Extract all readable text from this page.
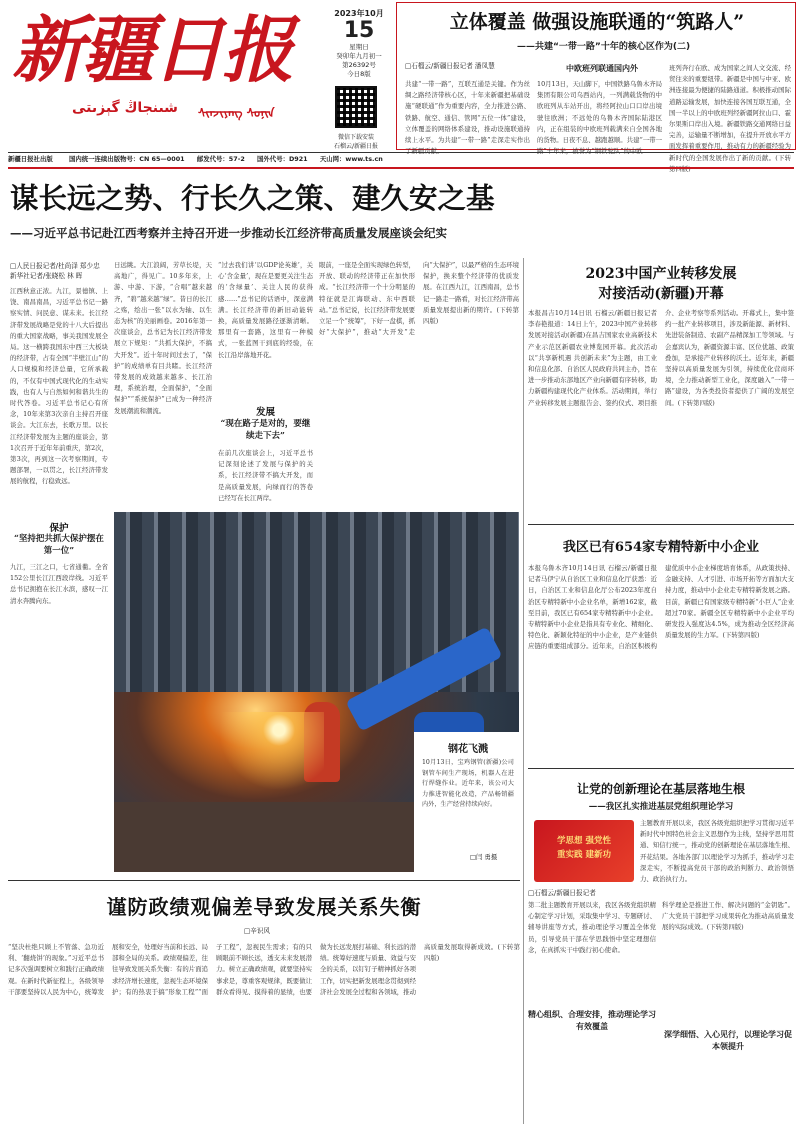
新疆日报
شىنجاڭ گېزىتى ᠱᠢᠨᠵᠢᠶᠠᠩ ᠰᠣᠨᠢᠨ
2023年10月
15
星期日
癸卯年九月初一
第26392号
今日8版
微信下载安装
石榴云/新疆日报
立体覆盖 做强设施联通的“筑路人”
——共建“一带一路”十年的核心区作为(二)
□石榴云/新疆日报记者 潘凤慧	中欧班列联通国内外
共建“一带一路”，互联互通是关键。作为丝绸之路经济带核心区，十年来新疆把基础设施“硬联通”作为重要内容，全力推进公路、铁路、航空、通信、管网“五位一体”建设，立体覆盖的网络体系建设，推动设施联通持续上水平。为共建“一带一路”走深走实作出
10月13日，天山脚下，中国铁路乌鲁木齐局集团有限公司乌西站内，一列满载货物的中欧班列从车站开出，将经阿拉山口口岸出境驶往欧洲；不远处的乌鲁木齐国际陆港区内，正在组装的中欧班列载满来自全国各地的货物。日夜不息、越跑越顺。共建“一带一
班列奔行在欧、成为国家之间人文交流、经贸往来的重要纽带。新疆是中国与中亚、欧洲连接最为便捷的陆路通道。积极推动国际道路运输发展，加快连接各国互联互通，全国一半以上的中欧班列经新疆阿拉山口、霍尔果斯口岸出入境。新疆铁路交通网络日益完善，运输量不断增加，在提升开放水平方面发挥着重要作用，推动有力的新疆经验为新时代的全国发展作出了新的贡献。(下转
新疆日报社出版	国内统一连续出版物号：CN 65—0001 邮发代号：57-2 国外代号：D921 天山网：www.ts.cn
谋长远之势、行长久之策、建久安之基
——习近平总书记赴江西考察并主持召开进一步推动长江经济带高质量发展座谈会纪实
□人民日报记者/杜尚泽 郑少忠
新华社记者/张晓松 林 晖
江西秋意正浓。九江，景德镇、上饶、南昌南昌，习近平总书记一路察实情、问民意、谋未来。长江经济带发展战略是党的十八大后提出的重大国家战略，事关我国发展全局。这一横跨我国东中西三大板块的经济带，占有全国“半壁江山”的人口规模和经济总量，它所承载的，不仅有中国式现代化的生动实践，也有人与自然如何和谐共生的时代答卷。习近平总书记心有所念，10年来第3次亲自主持召开座谈会。大江东去，长歌万里。以长江经济带发展为主题的座谈会，第1次召开于近年年前重庆，第2次，第3次，再到这一次考察期间，专题部署，一以贯之，长江经济带发展的航程，行稳致远。
保护
“坚持把共抓大保护摆在第一位”
九江，三江之口，七省通衢。全省152公里长江江西段岸线。习近平总书记拥抱在长江水滨，感叹一江清水奔腾向东。
日远眺。大江浪阔，芳草长堤，天高地广，得见广。10多年来，上游、中游、下游，“合唱”越来越齐，“碧”越来越“绿”。昔日的长江之殇，绘出一张“以水为轴、以生态为核”的美丽画卷。2016年第一次座谈会，总书记为长江经济带发展立下规矩：“共抓大保护，不搞大开发”。近十年时间过去了，“保护”的成绩单有目共睹。长江经济带发展的成效越来越多、长江治理，系统治理，全面保护，“全面保护”“系统保护”已成为一种经济发展潮流和潮流。
“过去我们讲‘以GDP论英雄’，关心‘含金量’，现在是要更关注生态的‘含绿量’、关注人民的获得感……”总书记的话语中，深意满满。长江经济带的新旧动能转换，高质量发展路径逐渐清晰。那里有一套路，这里有一种模式，一张蓝图干到底的经验，在长江沿岸落地开花。
发展
“现在路子是对的，要继续走下去”
在前几次座谈会上，习近平总书记深刻论述了发展与保护的关系，长江经济带不搞大开发，而是高质量发展，向绿而行的答卷已经写在长江两岸。
眼前，一座是全面实现绿色转型，开放、联动的经济带正在加快形成。“长江经济带一个十分明显的特征就是江海联动、东中西联动。”总书记说，长江经济带发展要立足一个“统筹”，下好一盘棋，抓好“大保护”，推动“大开发”走向“大保护”，以最严格的生态环境保护，换来整个经济带的优质发展。在江西九江，江西南昌，总书记一路走一路看，对长江经济带高质量发展提出新的期许。(下转第四版)
钢花飞溅
10月13日，宝鸡钢管(新疆)公司钢管车间生产现场，机器人在进行焊缝作业。近年来，该公司大力推进智能化改造，产品畅销疆内外，生产经营持续向好。
□闫 勇摄
2023中国产业转移发展
对接活动(新疆)开幕
本报昌吉10月14日讯 石榴云/新疆日报记者李春艳报道：14日上午，2023中国产业转移发展对接活动(新疆)在昌吉国家农业高新技术产业示范区新疆农业博览园开幕。此次活动以“共享新机遇 共创新未来”为主题，由工业和信息化部、自治区人民政府共同主办，旨在进一步推动东部地区产业向新疆有序转移，助力新疆构建现代化产业体系。活动期间，举行产业转移发展主题报告会、签约仪式、项目推介、企业考察等系列活动。开幕式上，集中签约一批产业转移项目，涉及新能源、新材料、先进装备制造、农副产品精深加工等领域。与会嘉宾认为，新疆资源丰富、区位优越、政策叠加，是承接产业转移的沃土。近年来，新疆坚持以高质量发展为引领，持续优化营商环境，全力推动新型工业化，深度融入“一带一路”建设，为各类投资者提供了广阔的发展空间。(下转第四版)
我区已有654家专精特新中小企业
本报乌鲁木齐10月14日讯 石榴云/新疆日报记者马伊宁从自治区工业和信息化厅获悉：近日，自治区工业和信息化厅公布2023年度自治区专精特新中小企业名单，新增162家，截至目前，我区已有654家专精特新中小企业。专精特新中小企业是指具有专业化、精细化、特色化、新颖化特征的中小企业，是产业链供应链的重要组成部分。近年来，自治区积极构建优质中小企业梯度培育体系，从政策扶持、金融支持、人才引进、市场开拓等方面加大支持力度，推动中小企业走专精特新发展之路。目前，新疆已有国家级专精特新“小巨人”企业超过70家。新疆全区专精特新中小企业平均研发投入强度达4.5%，成为推动全区经济高质量发展的生力军。(下转第四版)
让党的创新理论在基层落地生根
——我区扎实推进基层党组织理论学习
学思想 强党性
重实践 建新功
主题教育开展以来，我区各级党组织把学习贯彻习近平新时代中国特色社会主义思想作为主线，坚持学思用贯通、知信行统一，推动党的创新理论在基层落地生根、开花结果。各地各部门以理论学习为抓手，推动学习走深走实，不断提高党员干部的政治判断力、政治领悟力、政治执行力。
□石榴云/新疆日报记者
第二批主题教育开展以来，我区各级党组织精心制定学习计划，采取集中学习、专题研讨、辅导讲座等方式，推动理论学习覆盖全体党员，引导党员干部在学思践悟中坚定理想信念，在真抓实干中践行初心使命。
精心组织、合理安排，推动理论学习有效覆盖
科学理论是推进工作、解决问题的“金钥匙”。广大党员干部把学习成果转化为推动高质量发展的实际成效。(下转第四版)
深学细悟、入心见行，以理论学习促本领提升
谨防政绩观偏差导致发展关系失衡
□辛识风
“坚决杜绝只顾上不管落、急功近利、‘翻烧饼’的现象。”习近平总书记多次强调要树立和践行正确政绩观。在新时代新征程上，各级领导干部要坚持以人民为中心，统筹发展和安全，处理好当前和长远、局部和全局的关系。政绩观偏差，往往导致发展关系失衡：有的片面追求经济增长速度，忽视生态环境保护；有的热衷于搞“形象工程”“面子工程”，忽视民生需求；有的只顾眼前不顾长远，透支未来发展潜力。树立正确政绩观，就要坚持实事求是，尊重客观规律，既要做让群众看得见、摸得着的显绩，也要做为长远发展打基础、利长远的潜绩。统筹好速度与质量、效益与安全的关系，以钉钉子精神抓好各项工作，切实把新发展理念贯彻到经济社会发展全过程和各领域，推动高质量发展取得新成效。(下转第四版)
